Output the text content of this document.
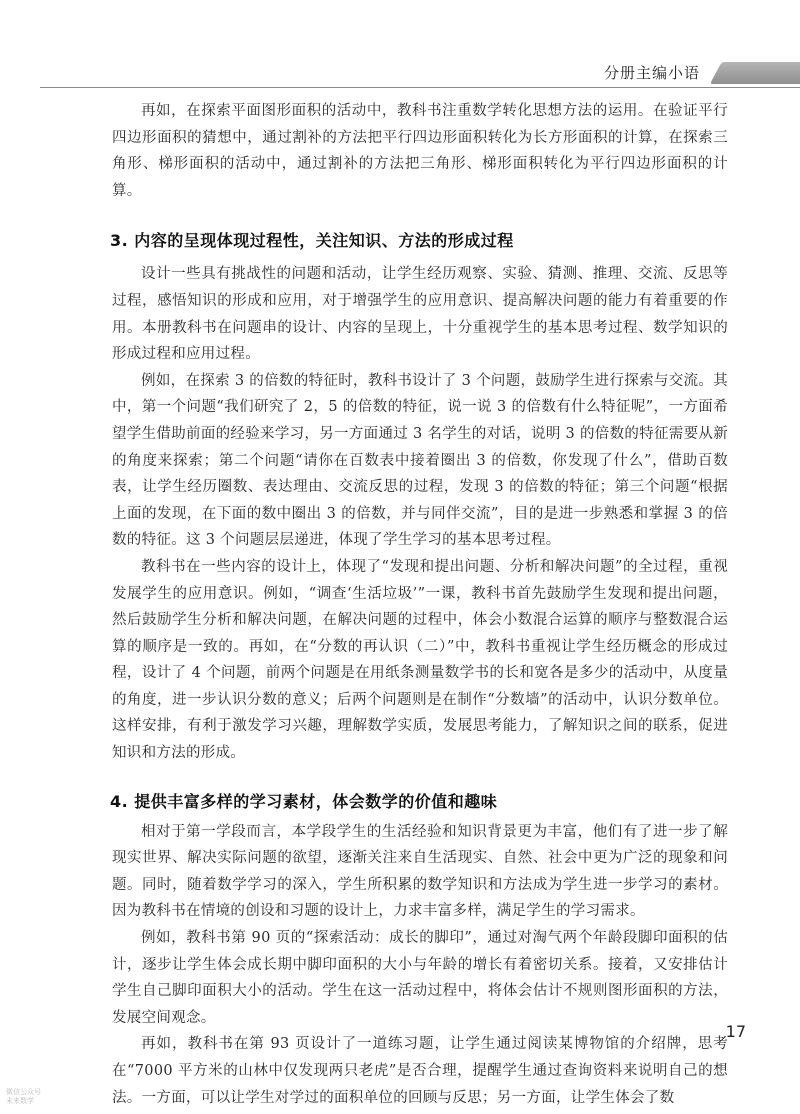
分册主编小语

再如，在探索平面图形面积的活动中，教科书注重数学转化思想方法的运用。在验证平行四边形面积的猜想中，通过割补的方法把平行四边形面积转化为长方形面积的计算，在探索三角形、梯形面积的活动中，通过割补的方法把三角形、梯形面积转化为平行四边形面积的计算。

3. 内容的呈现体现过程性，关注知识、方法的形成过程

设计一些具有挑战性的问题和活动，让学生经历观察、实验、猜测、推理、交流、反思等过程，感悟知识的形成和应用，对于增强学生的应用意识、提高解决问题的能力有着重要的作用。本册教科书在问题串的设计、内容的呈现上，十分重视学生的基本思考过程、数学知识的形成过程和应用过程。

例如，在探索 3 的倍数的特征时，教科书设计了 3 个问题，鼓励学生进行探索与交流。其中，第一个问题“我们研究了 2，5 的倍数的特征，说一说 3 的倍数有什么特征呢”，一方面希望学生借助前面的经验来学习，另一方面通过 3 名学生的对话，说明 3 的倍数的特征需要从新的角度来探索；第二个问题“请你在百数表中接着圈出 3 的倍数，你发现了什么”，借助百数表，让学生经历圈数、表达理由、交流反思的过程，发现 3 的倍数的特征；第三个问题“根据上面的发现，在下面的数中圈出 3 的倍数，并与同伴交流”，目的是进一步熟悉和掌握 3 的倍数的特征。这 3 个问题层层递进，体现了学生学习的基本思考过程。

教科书在一些内容的设计上，体现了“发现和提出问题、分析和解决问题”的全过程，重视发展学生的应用意识。例如，“调查‘生活垃圾’”一课，教科书首先鼓励学生发现和提出问题，然后鼓励学生分析和解决问题，在解决问题的过程中，体会小数混合运算的顺序与整数混合运算的顺序是一致的。再如，在“分数的再认识（二）”中，教科书重视让学生经历概念的形成过程，设计了 4 个问题，前两个问题是在用纸条测量数学书的长和宽各是多少的活动中，从度量的角度，进一步认识分数的意义；后两个问题则是在制作“分数墙”的活动中，认识分数单位。这样安排，有利于激发学习兴趣，理解数学实质，发展思考能力，了解知识之间的联系，促进知识和方法的形成。

4. 提供丰富多样的学习素材，体会数学的价值和趣味

相对于第一学段而言，本学段学生的生活经验和知识背景更为丰富，他们有了进一步了解现实世界、解决实际问题的欲望，逐渐关注来自生活现实、自然、社会中更为广泛的现象和问题。同时，随着数学学习的深入，学生所积累的数学知识和方法成为学生进一步学习的素材。因为教科书在情境的创设和习题的设计上，力求丰富多样，满足学生的学习需求。

例如，教科书第 90 页的“探索活动：成长的脚印”，通过对淘气两个年龄段脚印面积的估计，逐步让学生体会成长期中脚印面积的大小与年龄的增长有着密切关系。接着，又安排估计学生自己脚印面积大小的活动。学生在这一活动过程中，将体会估计不规则图形面积的方法，发展空间观念。

再如，教科书在第 93 页设计了一道练习题，让学生通过阅读某博物馆的介绍牌，思考在“7000 平方米的山林中仅发现两只老虎”是否合理，提醒学生通过查询资料来说明自己的想法。一方面，可以让学生对学过的面积单位的回顾与反思；另一方面，让学生体会了数

17
微信公众号
未来数学
